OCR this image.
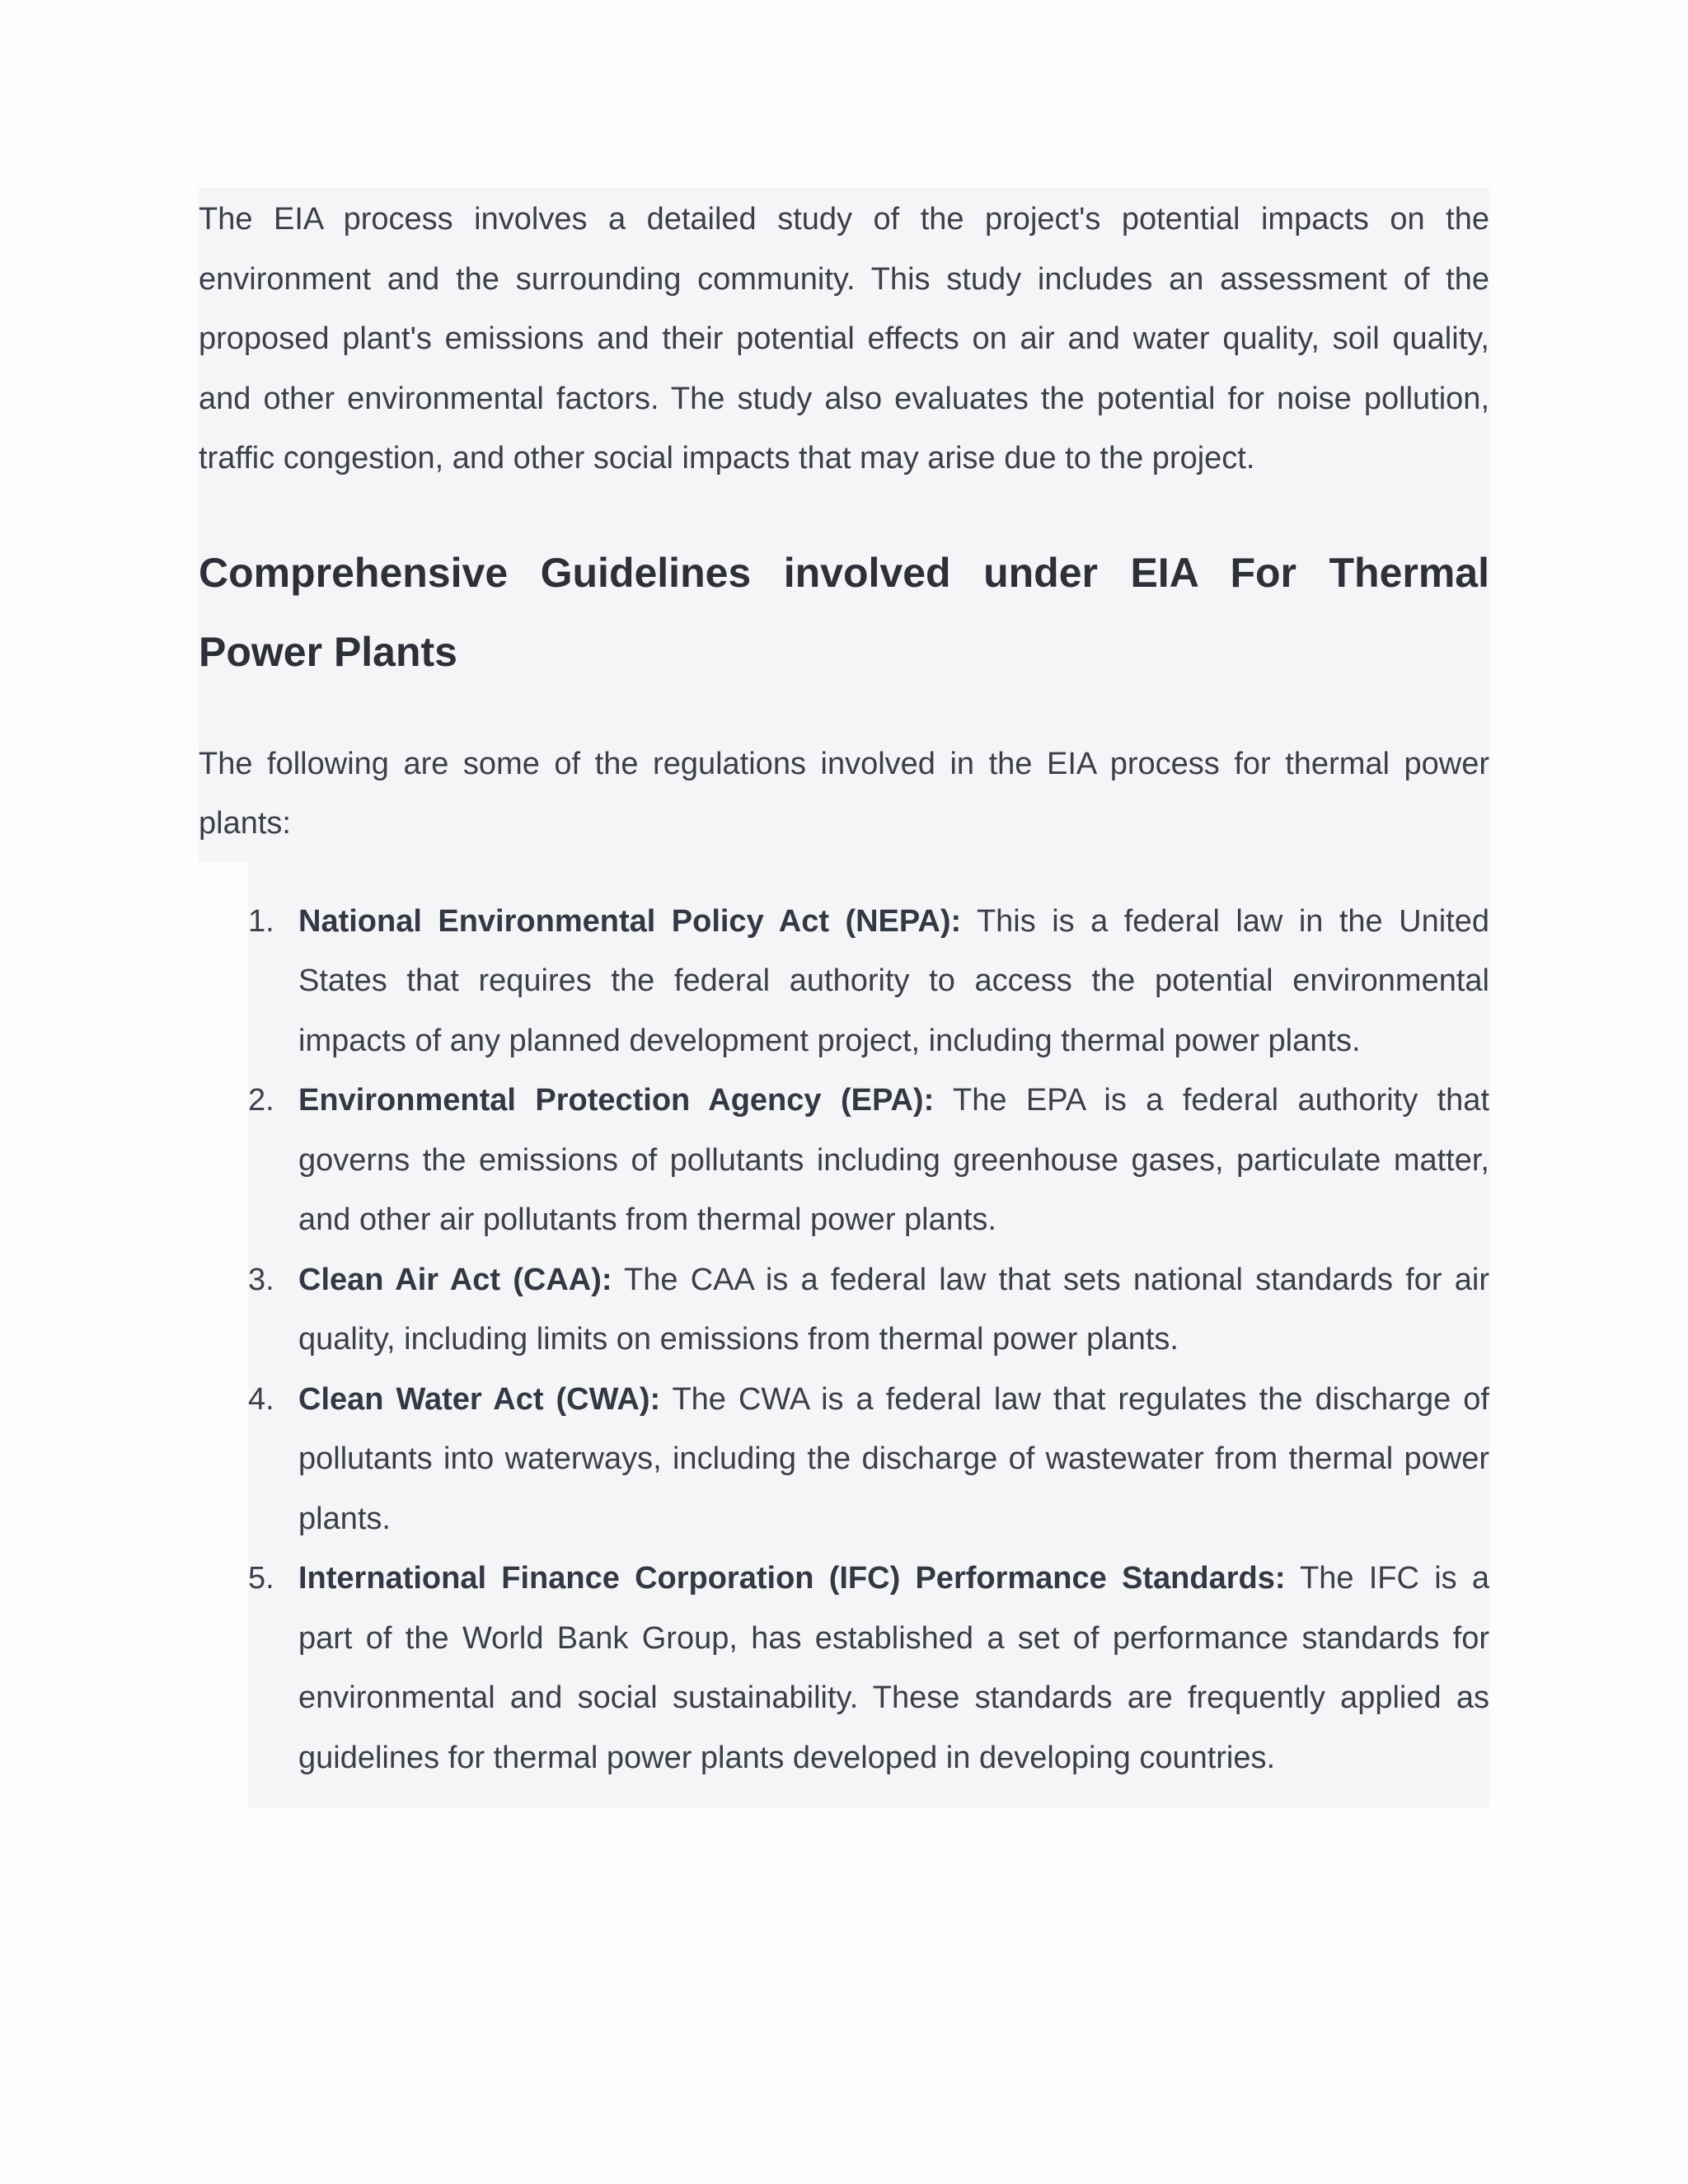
The EIA process involves a detailed study of the project's potential impacts on the environment and the surrounding community. This study includes an assessment of the proposed plant's emissions and their potential effects on air and water quality, soil quality, and other environmental factors. The study also evaluates the potential for noise pollution, traffic congestion, and other social impacts that may arise due to the project.

Comprehensive Guidelines involved under EIA For Thermal Power Plants

The following are some of the regulations involved in the EIA process for thermal power plants:

1. National Environmental Policy Act (NEPA): This is a federal law in the United States that requires the federal authority to access the potential environmental impacts of any planned development project, including thermal power plants.
2. Environmental Protection Agency (EPA): The EPA is a federal authority that governs the emissions of pollutants including greenhouse gases, particulate matter, and other air pollutants from thermal power plants.
3. Clean Air Act (CAA): The CAA is a federal law that sets national standards for air quality, including limits on emissions from thermal power plants.
4. Clean Water Act (CWA): The CWA is a federal law that regulates the discharge of pollutants into waterways, including the discharge of wastewater from thermal power plants.
5. International Finance Corporation (IFC) Performance Standards: The IFC is a part of the World Bank Group, has established a set of performance standards for environmental and social sustainability. These standards are frequently applied as guidelines for thermal power plants developed in developing countries.
